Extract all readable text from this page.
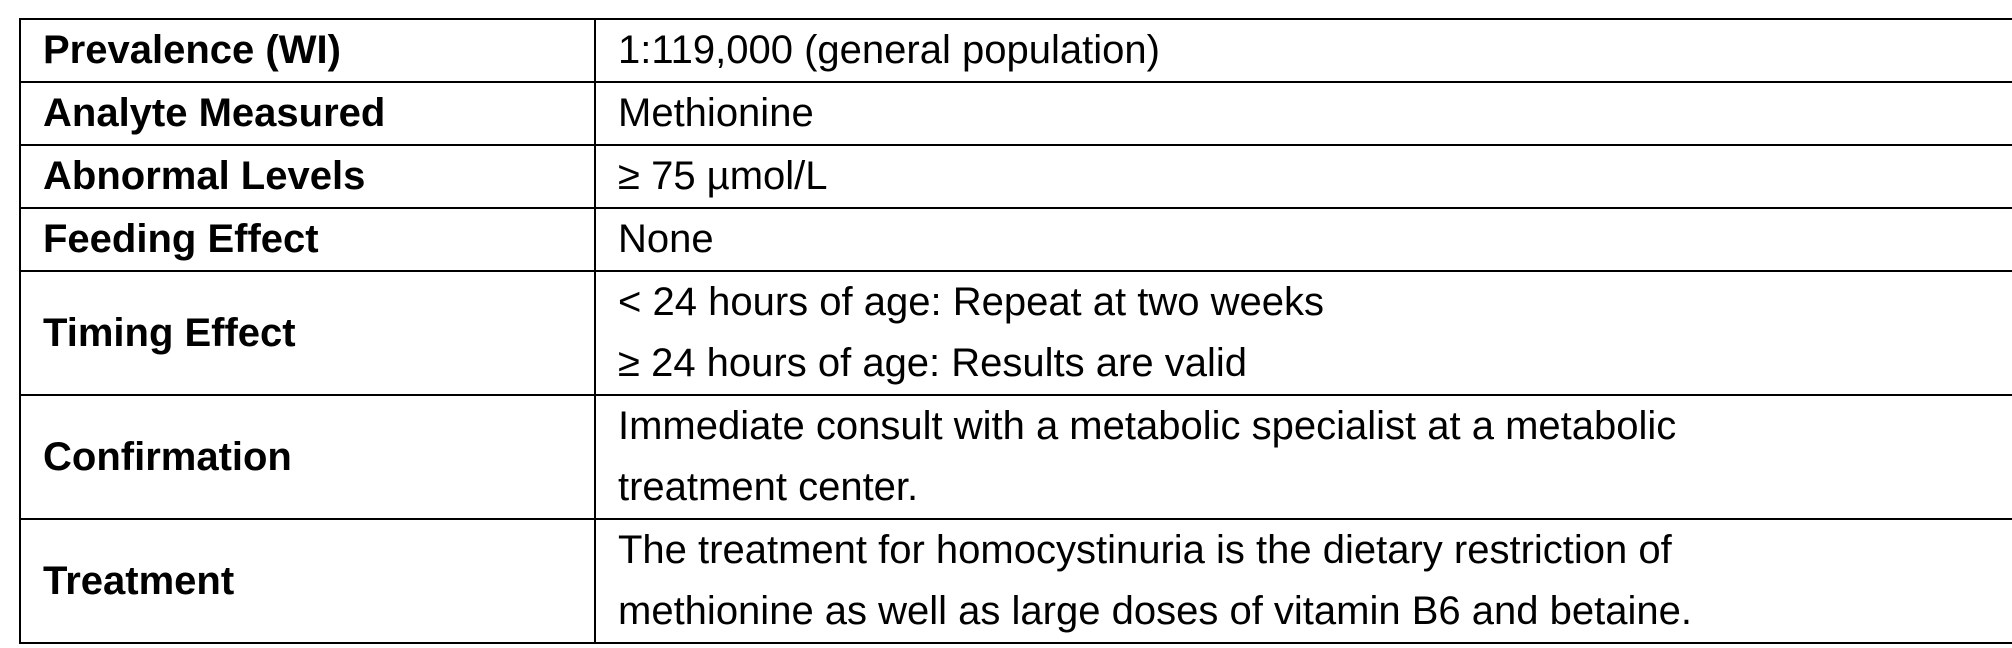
Prevalence (WI)	1:119,000 (general population)

Analyte Measured	Methionine

Abnormal Levels	≥ 75 µmol/L

Feeding Effect	None

Timing Effect	< 24 hours of age: Repeat at two weeks
≥ 24 hours of age: Results are valid

Confirmation	Immediate consult with a metabolic specialist at a metabolic
treatment center.

Treatment	The treatment for homocystinuria is the dietary restriction of
methionine as well as large doses of vitamin B6 and betaine.
